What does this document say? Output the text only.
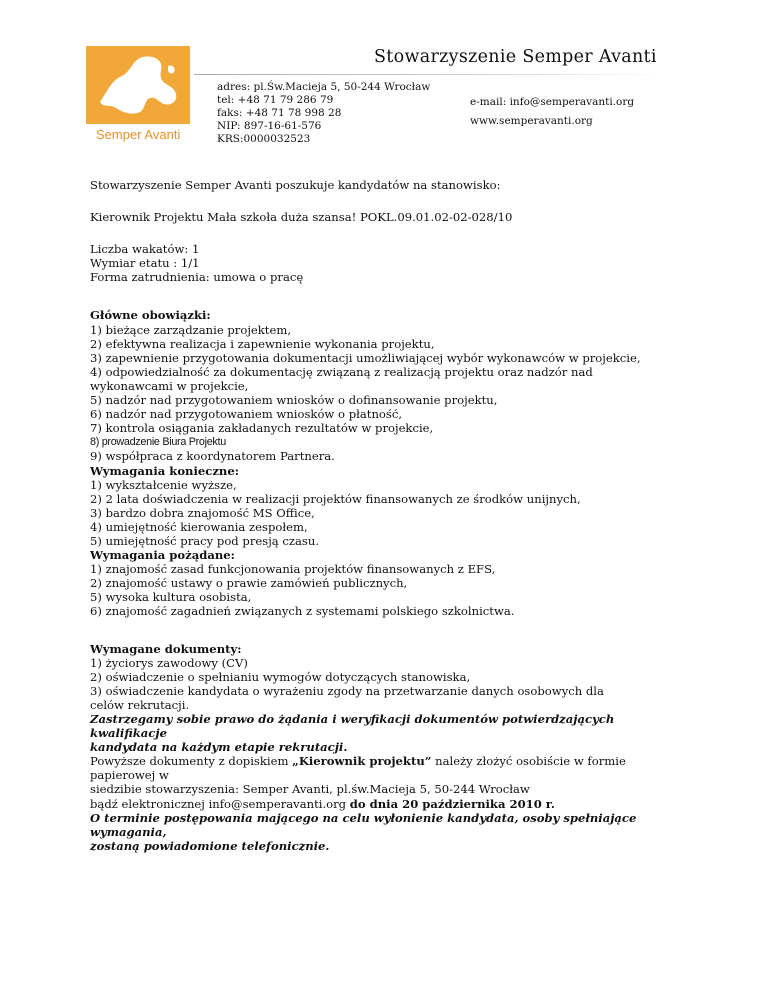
Semper Avanti
Stowarzyszenie Semper Avanti
adres: pl.Św.Macieja 5, 50-244 Wrocław
tel: +48 71 79 286 79
faks: +48 71 78 998 28
NIP: 897-16-61-576
KRS:0000032523
e-mail: info@semperavanti.org
www.semperavanti.org

Stowarzyszenie Semper Avanti poszukuje kandydatów na stanowisko:

Kierownik Projektu Mała szkoła duża szansa! POKL.09.01.02-02-028/10

Liczba wakatów: 1

Wymiar etatu : 1/1

Forma zatrudnienia: umowa o pracę

Główne obowiązki:

1) bieżące zarządzanie projektem,

2) efektywna realizacja i zapewnienie wykonania projektu,

3) zapewnienie przygotowania dokumentacji umożliwiającej wybór wykonawców w projekcie,

4) odpowiedzialność za dokumentację związaną z realizacją projektu oraz nadzór nad

wykonawcami w projekcie,

5) nadzór nad przygotowaniem wniosków o dofinansowanie projektu,

6) nadzór nad przygotowaniem wniosków o płatność,

7) kontrola osiągania zakładanych rezultatów w projekcie,

8) prowadzenie Biura Projektu

9) współpraca z koordynatorem Partnera.

Wymagania konieczne:

1) wykształcenie wyższe,

2) 2 lata doświadczenia w realizacji projektów finansowanych ze środków unijnych,

3) bardzo dobra znajomość MS Office,

4) umiejętność kierowania zespołem,

5) umiejętność pracy pod presją czasu.

Wymagania pożądane:

1) znajomość zasad funkcjonowania projektów finansowanych z EFS,

2) znajomość ustawy o prawie zamówień publicznych,

5) wysoka kultura osobista,

6) znajomość zagadnień związanych z systemami polskiego szkolnictwa.

Wymagane dokumenty:

1) życiorys zawodowy (CV)

2) oświadczenie o spełnianiu wymogów dotyczących stanowiska,

3) oświadczenie kandydata o wyrażeniu zgody na przetwarzanie danych osobowych dla

celów rekrutacji.

Zastrzegamy sobie prawo do żądania i weryfikacji dokumentów potwierdzających kwalifikacje

kandydata na każdym etapie rekrutacji.

Powyższe dokumenty z dopiskiem „Kierownik projektu” należy złożyć osobiście w formie papierowej w

siedzibie stowarzyszenia: Semper Avanti, pl.św.Macieja 5, 50-244 Wrocław

bądź elektronicznej info@semperavanti.org do dnia 20 października 2010 r.

O terminie postępowania mającego na celu wyłonienie kandydata, osoby spełniające wymagania,

zostaną powiadomione telefonicznie.
